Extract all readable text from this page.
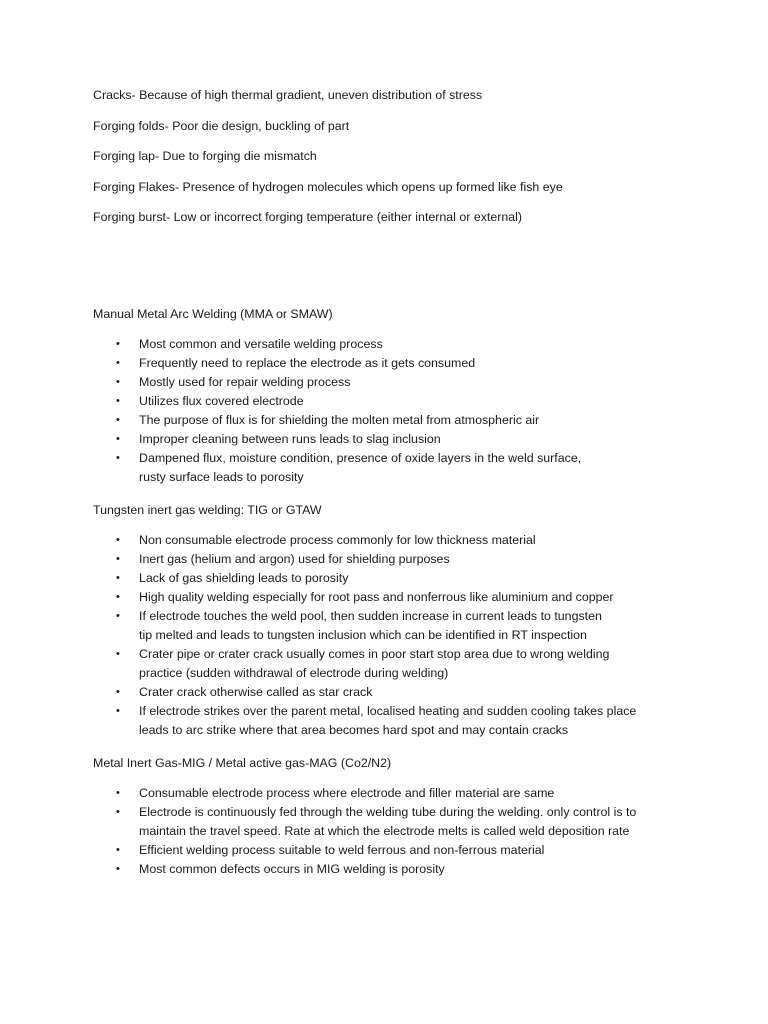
Cracks- Because of high thermal gradient, uneven distribution of stress

Forging folds- Poor die design, buckling of part

Forging lap- Due to forging die mismatch

Forging Flakes- Presence of hydrogen molecules which opens up formed like fish eye

Forging burst- Low or incorrect forging temperature (either internal or external)

Manual Metal Arc Welding (MMA or SMAW)

• Most common and versatile welding process
• Frequently need to replace the electrode as it gets consumed
• Mostly used for repair welding process
• Utilizes flux covered electrode
• The purpose of flux is for shielding the molten metal from atmospheric air
• Improper cleaning between runs leads to slag inclusion
• Dampened flux, moisture condition, presence of oxide layers in the weld surface,
rusty surface leads to porosity

Tungsten inert gas welding: TIG or GTAW

• Non consumable electrode process commonly for low thickness material
• Inert gas (helium and argon) used for shielding purposes
• Lack of gas shielding leads to porosity
• High quality welding especially for root pass and nonferrous like aluminium and copper
• If electrode touches the weld pool, then sudden increase in current leads to tungsten
tip melted and leads to tungsten inclusion which can be identified in RT inspection
• Crater pipe or crater crack usually comes in poor start stop area due to wrong welding
practice (sudden withdrawal of electrode during welding)
• Crater crack otherwise called as star crack
• If electrode strikes over the parent metal, localised heating and sudden cooling takes place
leads to arc strike where that area becomes hard spot and may contain cracks

Metal Inert Gas-MIG / Metal active gas-MAG (Co2/N2)

• Consumable electrode process where electrode and filler material are same
• Electrode is continuously fed through the welding tube during the welding. only control is to
maintain the travel speed. Rate at which the electrode melts is called weld deposition rate
• Efficient welding process suitable to weld ferrous and non-ferrous material
• Most common defects occurs in MIG welding is porosity
